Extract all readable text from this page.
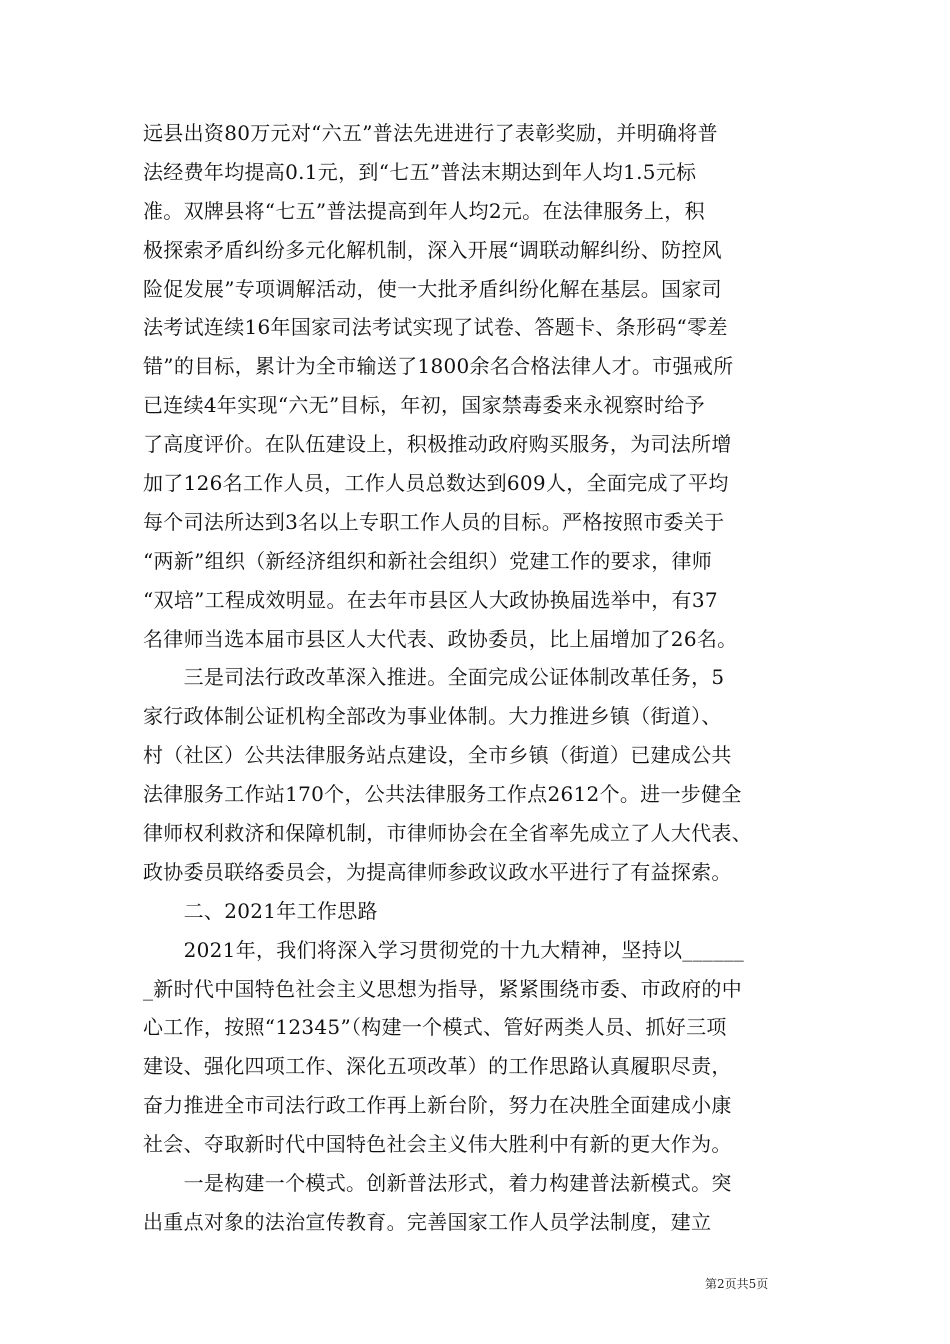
远县出资80万元对“六五”普法先进进行了表彰奖励，并明确将普
法经费年均提高0.1元，到“七五”普法末期达到年人均1.5元标
准。双牌县将“七五”普法提高到年人均2元。在法律服务上，积
极探索矛盾纠纷多元化解机制，深入开展“调联动解纠纷、防控风
险促发展”专项调解活动，使一大批矛盾纠纷化解在基层。国家司
法考试连续16年国家司法考试实现了试卷、答题卡、条形码“零差
错”的目标，累计为全市输送了1800余名合格法律人才。市强戒所
已连续4年实现“六无”目标，年初，国家禁毒委来永视察时给予
了高度评价。在队伍建设上，积极推动政府购买服务，为司法所增
加了126名工作人员，工作人员总数达到609人，全面完成了平均
每个司法所达到3名以上专职工作人员的目标。严格按照市委关于
“两新”组织（新经济组织和新社会组织）党建工作的要求，律师
“双培”工程成效明显。在去年市县区人大政协换届选举中，有37
名律师当选本届市县区人大代表、政协委员，比上届增加了26名。
　　三是司法行政改革深入推进。全面完成公证体制改革任务，5
家行政体制公证机构全部改为事业体制。大力推进乡镇（街道）、
村（社区）公共法律服务站点建设，全市乡镇（街道）已建成公共
法律服务工作站170个，公共法律服务工作点2612个。进一步健全
律师权利救济和保障机制，市律师协会在全省率先成立了人大代表、
政协委员联络委员会，为提高律师参政议政水平进行了有益探索。
　　二、2021年工作思路
　　2021年，我们将深入学习贯彻党的十九大精神，坚持以______
_新时代中国特色社会主义思想为指导，紧紧围绕市委、市政府的中
心工作，按照“12345”（构建一个模式、管好两类人员、抓好三项
建设、强化四项工作、深化五项改革）的工作思路认真履职尽责，
奋力推进全市司法行政工作再上新台阶，努力在决胜全面建成小康
社会、夺取新时代中国特色社会主义伟大胜利中有新的更大作为。
　　一是构建一个模式。创新普法形式，着力构建普法新模式。突
出重点对象的法治宣传教育。完善国家工作人员学法制度，建立
第2页共5页
